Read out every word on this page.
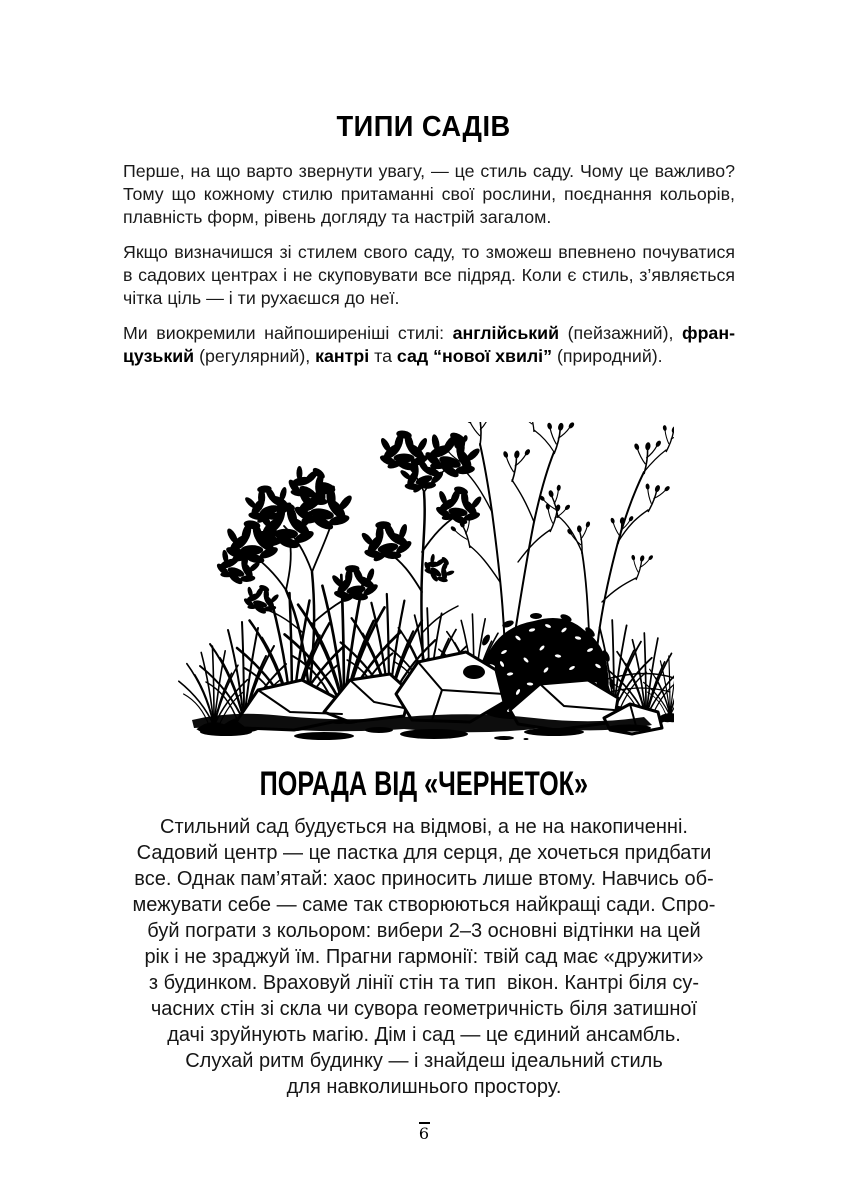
ТИПИ САДІВ
Перше, на що варто звернути увагу, — це стиль саду. Чому це важливо?
Тому що кожному стилю притаманні свої рослини, поєднання кольорів,
плавність форм, рівень догляду та настрій загалом.
Якщо визначишся зі стилем свого саду, то зможеш впевнено почуватися
в садових центрах і не скуповувати все підряд. Коли є стиль, з’являється
чітка ціль — і ти рухаєшся до неї.
Ми виокремили найпоширеніші стилі: англійський (пейзажний), фран-
цузький (регулярний), кантрі та сад “нової хвилі” (природний).
ПОРАДА ВІД «ЧЕРНЕТОК»
Стильний сад будується на відмові, а не на накопиченні.
Садовий центр — це пастка для серця, де хочеться придбати
все. Однак пам’ятай: хаос приносить лише втому. Навчись об-
межувати себе — саме так створюються найкращі сади. Спро-
буй пограти з кольором: вибери 2–3 основні відтінки на цей
рік і не зраджуй їм. Прагни гармонії: твій сад має «дружити»
з будинком. Враховуй лінії стін та тип  вікон. Кантрі біля су-
часних стін зі скла чи сувора геометричність біля затишної
дачі зруйнують магію. Дім і сад — це єдиний ансамбль.
Слухай ритм будинку — і знайдеш ідеальний стиль
для навколишнього простору.
6
